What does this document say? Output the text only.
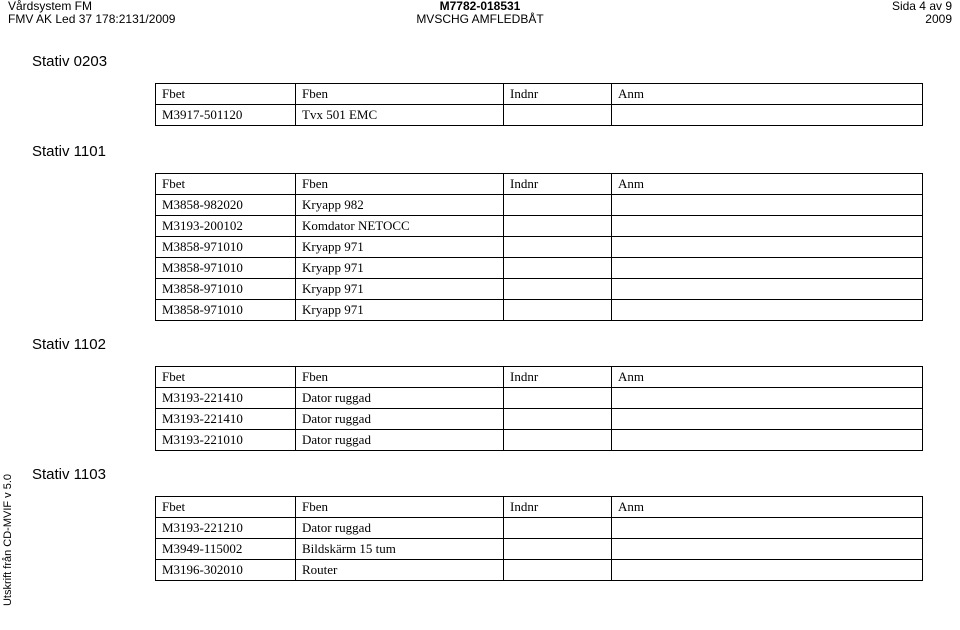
Vårdsystem FM
FMV AK Led 37 178:2131/2009
M7782-018531
MVSCHG AMFLEDBÅT
Sida 4 av 9
2009
Utskrift från CD-MVIF v 5.0
Stativ 0203
Fbet	Fben	Indnr	Anm
M3917-501120	Tvx 501 EMC		
Stativ 1101
Fbet	Fben	Indnr	Anm
M3858-982020	Kryapp 982		
M3193-200102	Komdator NETOCC		
M3858-971010	Kryapp 971		
M3858-971010	Kryapp 971		
M3858-971010	Kryapp 971		
M3858-971010	Kryapp 971		
Stativ 1102
Fbet	Fben	Indnr	Anm
M3193-221410	Dator ruggad		
M3193-221410	Dator ruggad		
M3193-221010	Dator ruggad		
Stativ 1103
Fbet	Fben	Indnr	Anm
M3193-221210	Dator ruggad		
M3949-115002	Bildskärm 15 tum		
M3196-302010	Router		
